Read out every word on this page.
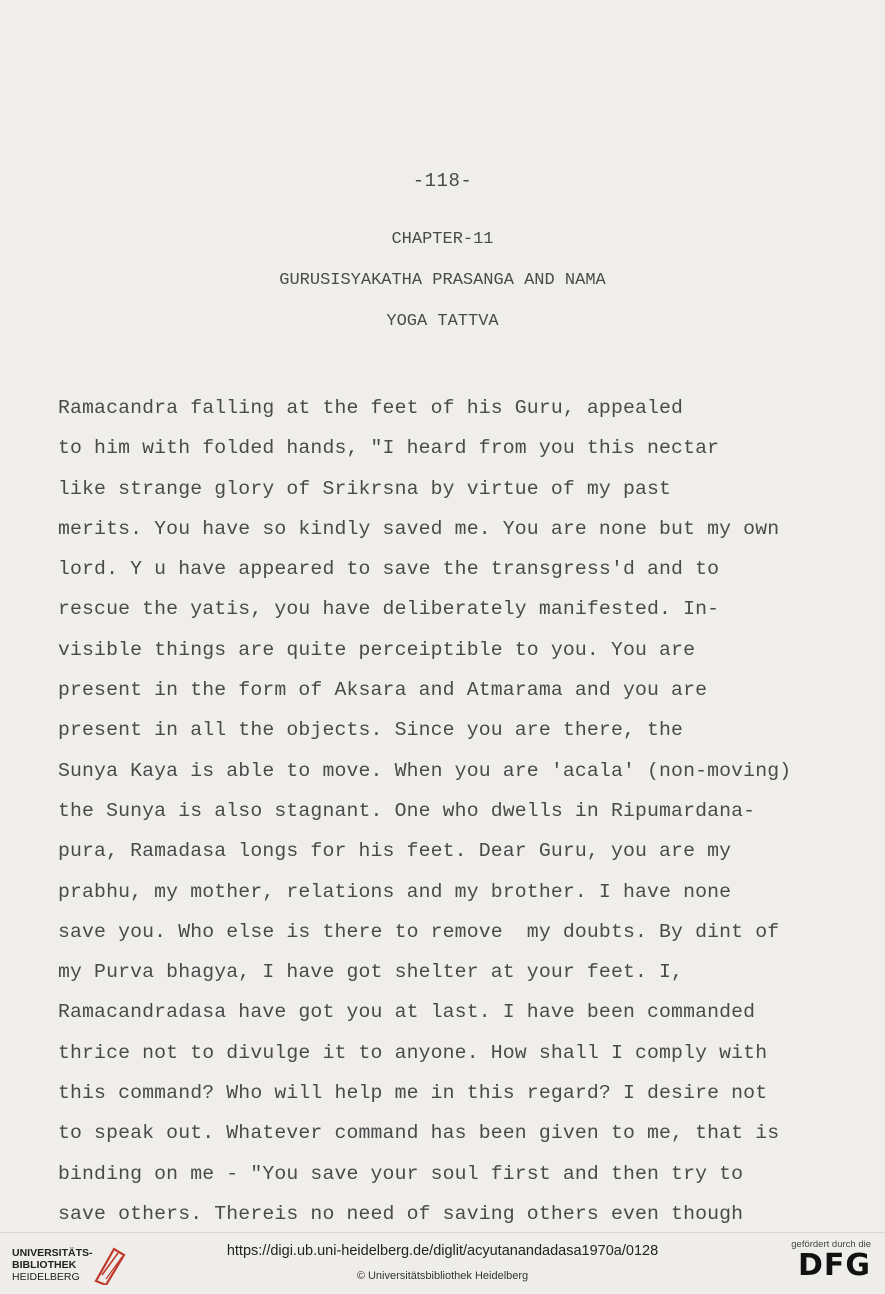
-118-
CHAPTER-11
GURUSISYAKATHA PRASANGA AND NAMA
YOGA TATTVA
Ramacandra falling at the feet of his Guru, appealed
to him with folded hands, "I heard from you this nectar
like strange glory of Srikrsna by virtue of my past
merits. You have so kindly saved me. You are none but my own
lord. Y u have appeared to save the transgress'd and to
rescue the yatis, you have deliberately manifested. In-
visible things are quite perceiptible to you. You are
present in the form of Aksara and Atmarama and you are
present in all the objects. Since you are there, the
Sunya Kaya is able to move. When you are 'acala' (non-moving)
the Sunya is also stagnant. One who dwells in Ripumardana-
pura, Ramadasa longs for his feet. Dear Guru, you are my
prabhu, my mother, relations and my brother. I have none
save you. Who else is there to remove  my doubts. By dint of
my Purva bhagya, I have got shelter at your feet. I,
Ramacandradasa have got you at last. I have been commanded
thrice not to divulge it to anyone. How shall I comply with
this command? Who will help me in this regard? I desire not
to speak out. Whatever command has been given to me, that is
binding on me - "You save your soul first and then try to
save others. Thereis no need of saving others even though
UNIVERSITÄTS-
BIBLIOTHEK
HEIDELBERG
https://digi.ub.uni-heidelberg.de/diglit/acyutanandadasa1970a/0128
© Universitätsbibliothek Heidelberg
gefördert durch die
DFG
